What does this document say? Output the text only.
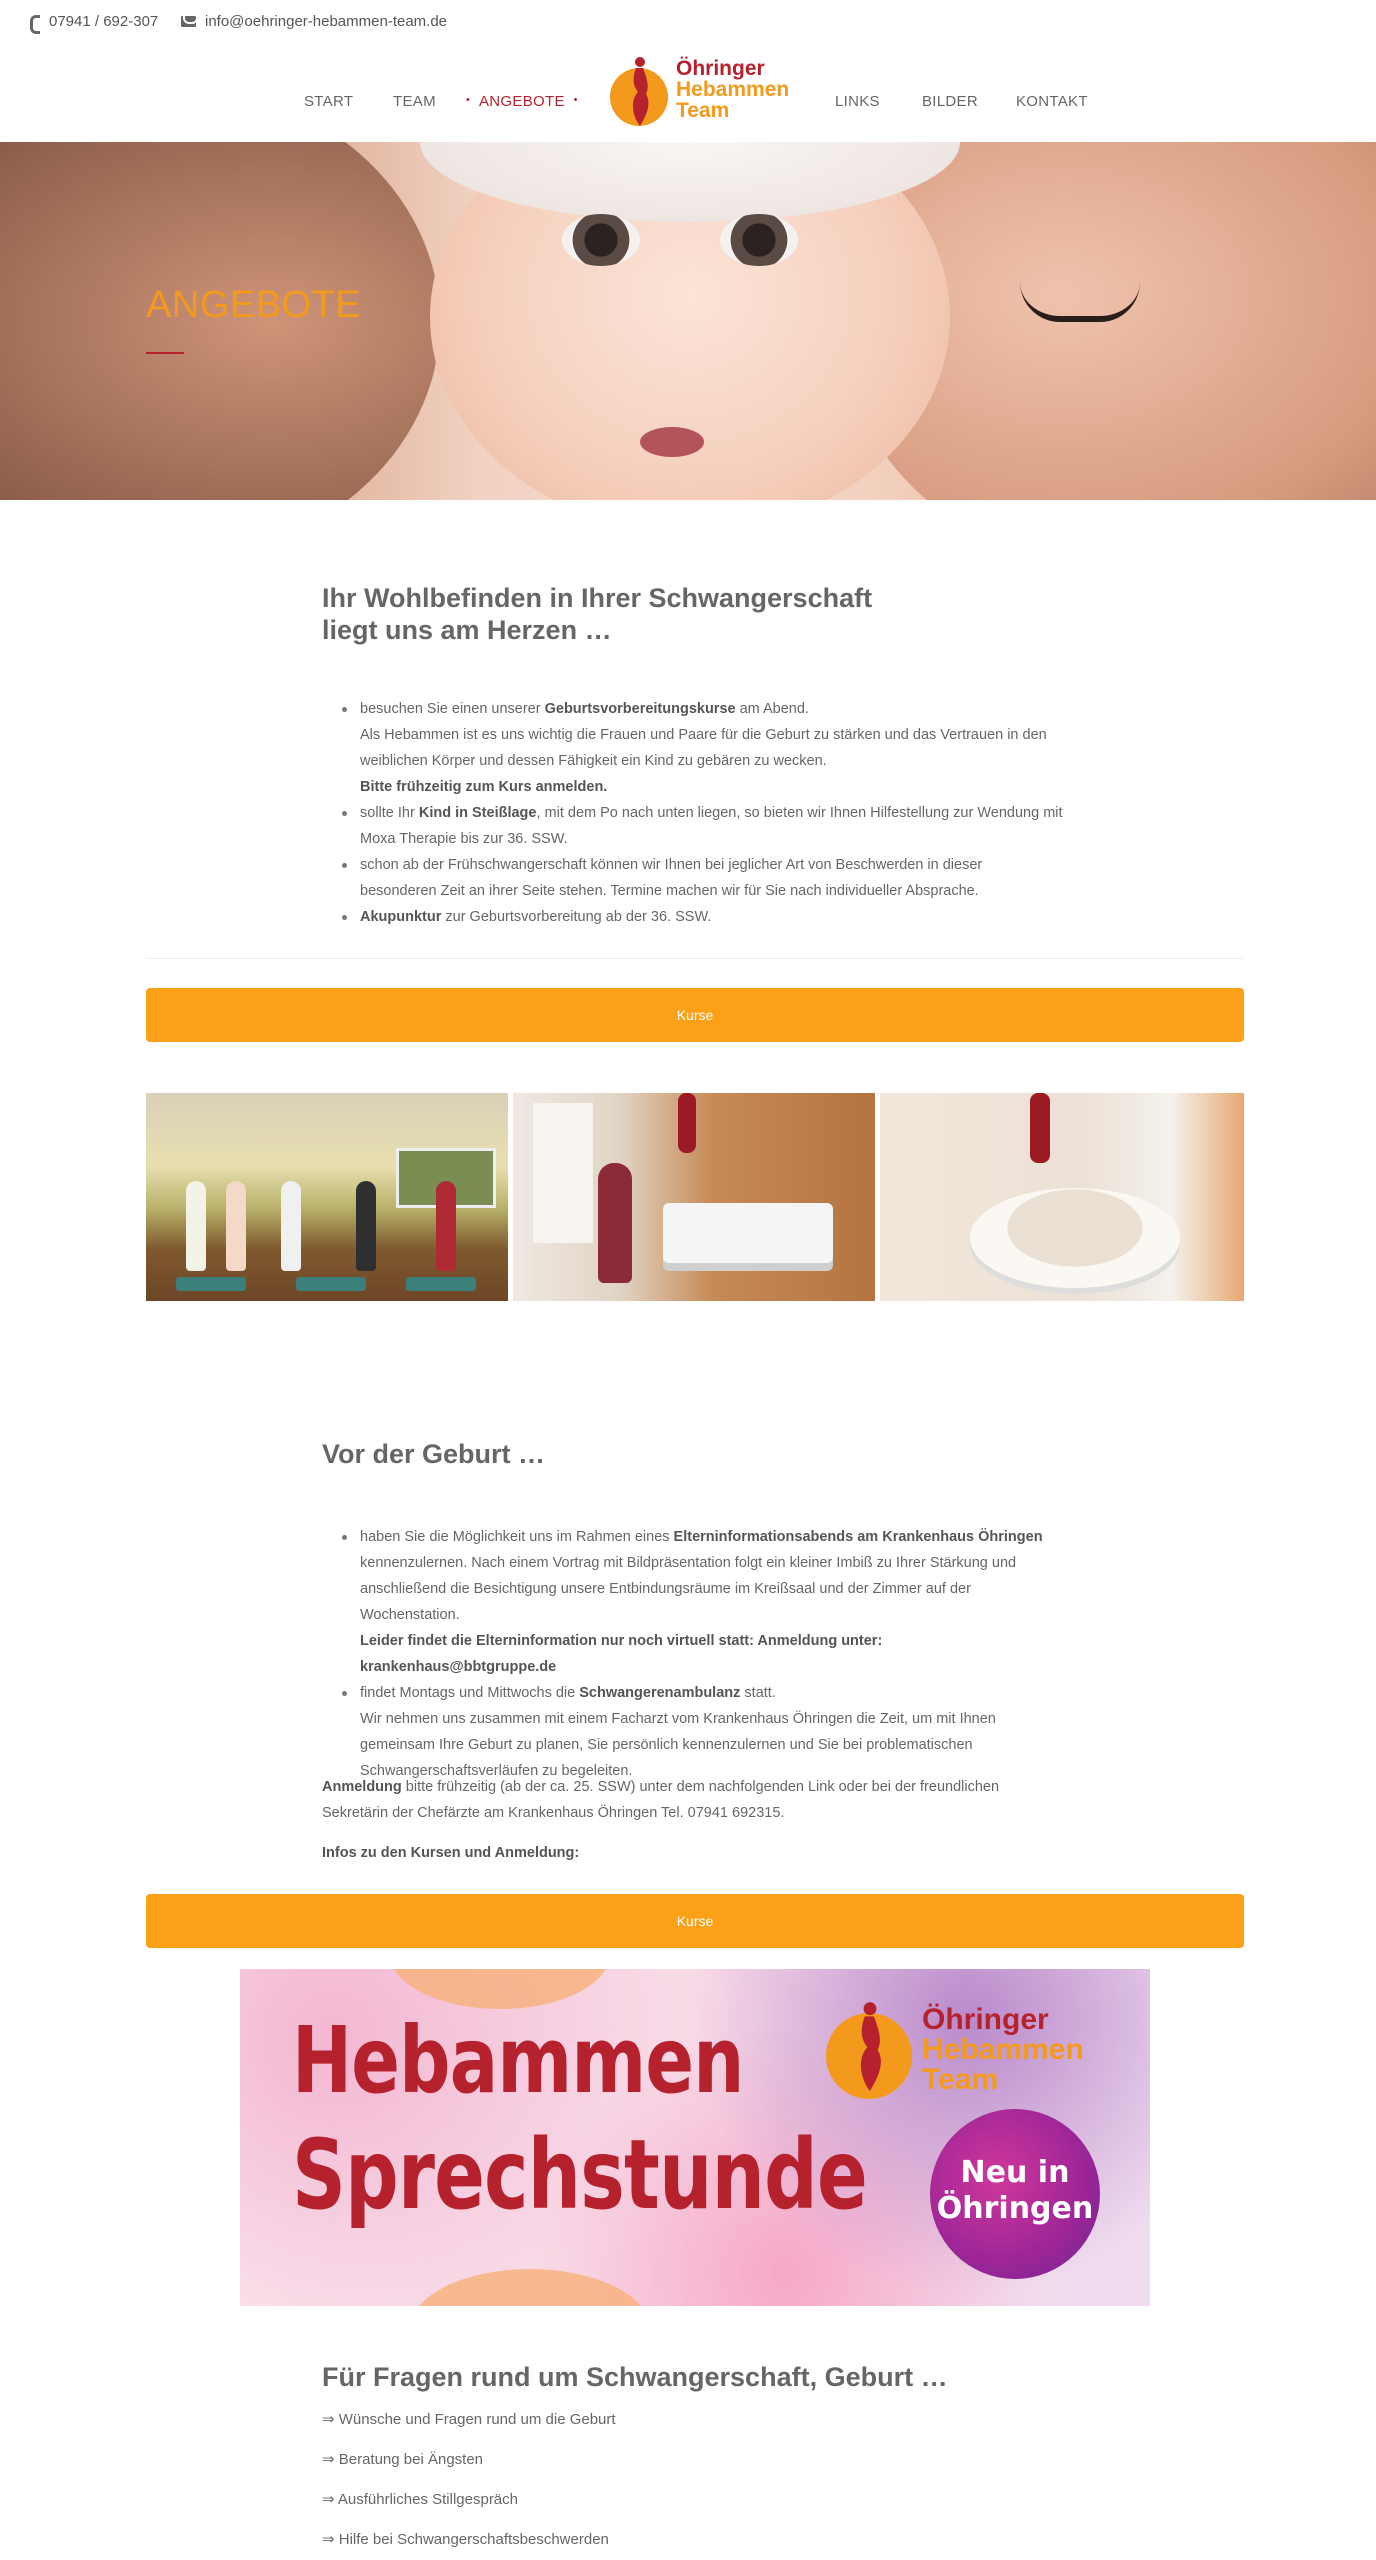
07941 / 692-307	info@oehringer-hebammen-team.de
START	TEAM
•	ANGEBOTE •
Öhringer
Hebammen
Team	LINKS	BILDER	KONTAKT
ANGEBOTE
Ihr Wohlbefinden in Ihrer Schwangerschaft
liegt uns am Herzen …
besuchen Sie einen unserer Geburtsvorbereitungskurse am Abend.
Als Hebammen ist es uns wichtig die Frauen und Paare für die Geburt zu stärken und das Vertrauen in den
weiblichen Körper und dessen Fähigkeit ein Kind zu gebären zu wecken.
Bitte frühzeitig zum Kurs anmelden.
sollte Ihr Kind in Steißlage, mit dem Po nach unten liegen, so bieten wir Ihnen Hilfestellung zur Wendung mit
Moxa Therapie bis zur 36. SSW.
schon ab der Frühschwangerschaft können wir Ihnen bei jeglicher Art von Beschwerden in dieser
besonderen Zeit an ihrer Seite stehen. Termine machen wir für Sie nach individueller Absprache.
Akupunktur zur Geburtsvorbereitung ab der 36. SSW.
Kurse
Vor der Geburt …
haben Sie die Möglichkeit uns im Rahmen eines Elterninformationsabends am Krankenhaus Öhringen
kennenzulernen. Nach einem Vortrag mit Bildpräsentation folgt ein kleiner Imbiß zu Ihrer Stärkung und
anschließend die Besichtigung unsere Entbindungsräume im Kreißsaal und der Zimmer auf der
Wochenstation.
Leider findet die Elterninformation nur noch virtuell statt: Anmeldung unter: krankenhaus@bbtgruppe.de
findet Montags und Mittwochs die Schwangerenambulanz statt.
Wir nehmen uns zusammen mit einem Facharzt vom Krankenhaus Öhringen die Zeit, um mit Ihnen
gemeinsam Ihre Geburt zu planen, Sie persönlich kennenzulernen und Sie bei problematischen
Schwangerschaftsverläufen zu begeleiten.
Anmeldung bitte frühzeitig (ab der ca. 25. SSW) unter dem nachfolgenden Link oder bei der freundlichen
Sekretärin der Chefärzte am Krankenhaus Öhringen Tel. 07941 692315.
Infos zu den Kursen und Anmeldung:
Kurse
Hebammen
Sprechstunde
Öhringer
Hebammen
Team
Neu in
Öhringen
Für Fragen rund um Schwangerschaft, Geburt …
⇒ Wünsche und Fragen rund um die Geburt
⇒ Beratung bei Ängsten
⇒ Ausführliches Stillgespräch
⇒ Hilfe bei Schwangerschaftsbeschwerden
